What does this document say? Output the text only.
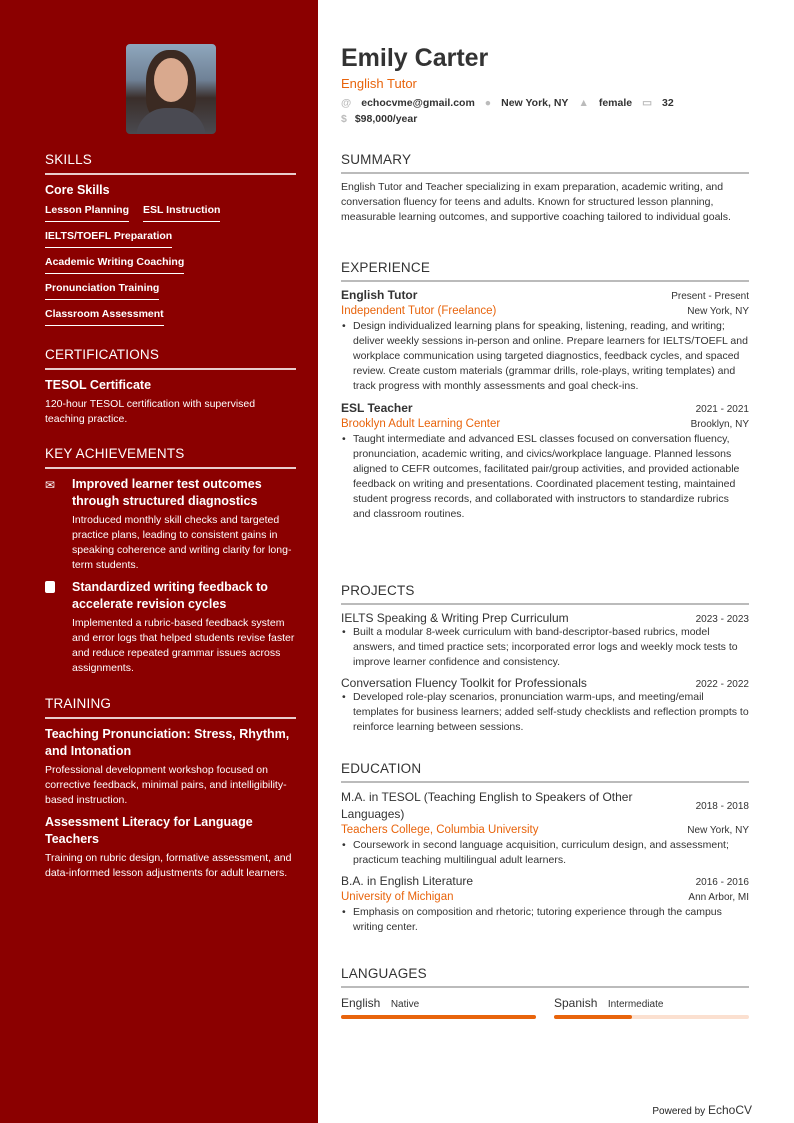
SKILLS
Core Skills
Lesson Planning ESL Instruction
IELTS/TOEFL Preparation
Academic Writing Coaching
Pronunciation Training
Classroom Assessment
CERTIFICATIONS
TESOL Certificate
120-hour TESOL certification with supervised teaching practice.
KEY ACHIEVEMENTS
✉	Improved learner test outcomes through structured diagnostics
Introduced monthly skill checks and targeted practice plans, leading to consistent gains in speaking coherence and writing clarity for long-term students.
Standardized writing feedback to accelerate revision cycles
Implemented a rubric-based feedback system and error logs that helped students revise faster and reduce repeated grammar issues across assignments.
TRAINING
Teaching Pronunciation: Stress, Rhythm, and Intonation
Professional development workshop focused on corrective feedback, minimal pairs, and intelligibility-based instruction.
Assessment Literacy for Language Teachers
Training on rubric design, formative assessment, and data-informed lesson adjustments for adult learners.
Emily Carter
English Tutor
@ echocvme@gmail.com ● New York, NY ▲ female ▭ 32
$ $98,000/year
SUMMARY
English Tutor and Teacher specializing in exam preparation, academic writing, and conversation fluency for teens and adults. Known for structured lesson planning, measurable learning outcomes, and supportive coaching tailored to individual goals.
EXPERIENCE
English Tutor	Present - Present
Independent Tutor (Freelance)	New York, NY
• Design individualized learning plans for speaking, listening, reading, and writing; deliver weekly sessions in-person and online. Prepare learners for IELTS/TOEFL and workplace communication using targeted diagnostics, feedback cycles, and spaced review. Create custom materials (grammar drills, role-plays, writing templates) and track progress with monthly assessments and goal check-ins.
ESL Teacher	2021 - 2021
Brooklyn Adult Learning Center	Brooklyn, NY
• Taught intermediate and advanced ESL classes focused on conversation fluency, pronunciation, academic writing, and civics/workplace language. Planned lessons aligned to CEFR outcomes, facilitated pair/group activities, and provided actionable feedback on writing and presentations. Coordinated placement testing, maintained student progress records, and collaborated with instructors to standardize rubrics and classroom routines.
PROJECTS
IELTS Speaking & Writing Prep Curriculum	2023 - 2023
• Built a modular 8-week curriculum with band-descriptor-based rubrics, model answers, and timed practice sets; incorporated error logs and weekly mock tests to improve learner confidence and consistency.
Conversation Fluency Toolkit for Professionals	2022 - 2022
• Developed role-play scenarios, pronunciation warm-ups, and meeting/email templates for business learners; added self-study checklists and reflection prompts to reinforce learning between sessions.
EDUCATION
M.A. in TESOL (Teaching English to Speakers of Other Languages)
2018 - 2018
Teachers College, Columbia University	New York, NY
• Coursework in second language acquisition, curriculum design, and assessment; practicum teaching multilingual adult learners.
B.A. in English Literature	2016 - 2016
University of Michigan	Ann Arbor, MI
• Emphasis on composition and rhetoric; tutoring experience through the campus writing center.
LANGUAGES
English Native	Spanish Intermediate
Powered by EchoCV
